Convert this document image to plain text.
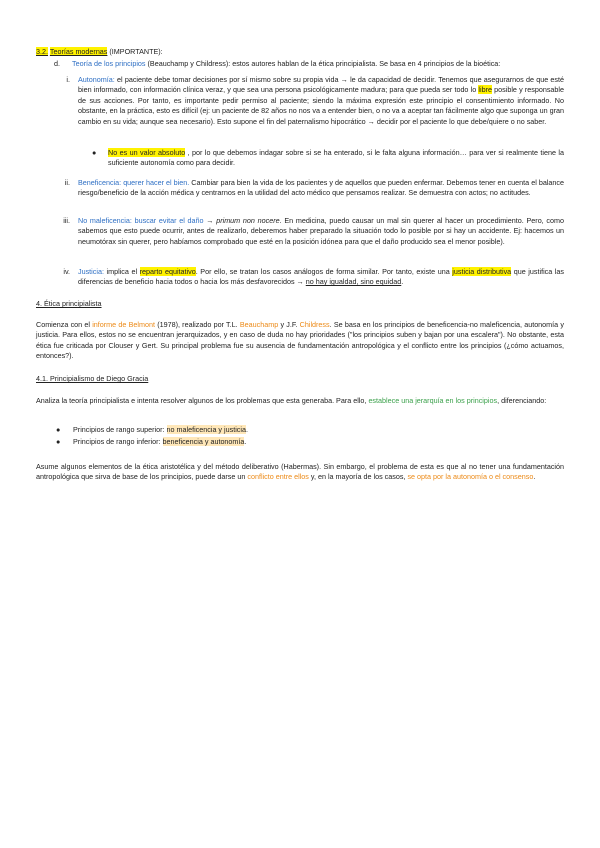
3.2. Teorías modernas (IMPORTANTE):
d. Teoría de los principios (Beauchamp y Childress): estos autores hablan de la ética principialista. Se basa en 4 principios de la bioética:
i. Autonomía: el paciente debe tomar decisiones por sí mismo sobre su propia vida → le da capacidad de decidir. Tenemos que asegurarnos de que esté bien informado, con información clínica veraz, y que sea una persona psicológicamente madura; para que pueda ser todo lo libre posible y responsable de sus acciones. Por tanto, es importante pedir permiso al paciente; siendo la máxima expresión este principio el consentimiento informado. No obstante, en la práctica, esto es difícil (ej: un paciente de 82 años no nos va a entender bien, o no va a aceptar tan fácilmente algo que suponga un gran cambio en su vida; aunque sea necesario). Esto supone el fin del paternalismo hipocrático → decidir por el paciente lo que debe/quiere o no saber.
● No es un valor absoluto , por lo que debemos indagar sobre si se ha enterado, si le falta alguna información… para ver si realmente tiene la suficiente autonomía como para decidir.
ii. Beneficencia: querer hacer el bien. Cambiar para bien la vida de los pacientes y de aquellos que pueden enfermar. Debemos tener en cuenta el balance riesgo/beneficio de la acción médica y centrarnos en la utilidad del acto médico que pensamos realizar. Se demuestra con actos; no actitudes.
iii. No maleficencia: buscar evitar el daño → primum non nocere. En medicina, puedo causar un mal sin querer al hacer un procedimiento. Pero, como sabemos que esto puede ocurrir, antes de realizarlo, deberemos haber preparado la situación todo lo posible por si hay un accidente. Ej: hacemos un neumotórax sin querer, pero habíamos comprobado que esté en la posición idónea para que el daño producido sea el menor posible).
iv. Justicia: implica el reparto equitativo. Por ello, se tratan los casos análogos de forma similar. Por tanto, existe una justicia distributiva que justifica las diferencias de beneficio hacia todos o hacia los más desfavorecidos → no hay igualdad, sino equidad.
4. Ética principialista
Comienza con el informe de Belmont (1978), realizado por T.L. Beauchamp y J.F. Childress. Se basa en los principios de beneficencia-no maleficencia, autonomía y justicia. Para ellos, estos no se encuentran jerarquizados, y en caso de duda no hay prioridades ("los principios suben y bajan por una escalera"). No obstante, esta ética fue criticada por Clouser y Gert. Su principal problema fue su ausencia de fundamentación antropológica y el conflicto entre los principios (¿cómo actuamos, entonces?).
4.1. Principialismo de Diego Gracia
Analiza la teoría principialista e intenta resolver algunos de los problemas que esta generaba. Para ello, establece una jerarquía en los principios, diferenciando:
● Principios de rango superior: no maleficencia y justicia.
● Principios de rango inferior: beneficencia y autonomía.
Asume algunos elementos de la ética aristotélica y del método deliberativo (Habermas). Sin embargo, el problema de esta es que al no tener una fundamentación antropológica que sirva de base de los principios, puede darse un conflicto entre ellos y, en la mayoría de los casos, se opta por la autonomía o el consenso.
